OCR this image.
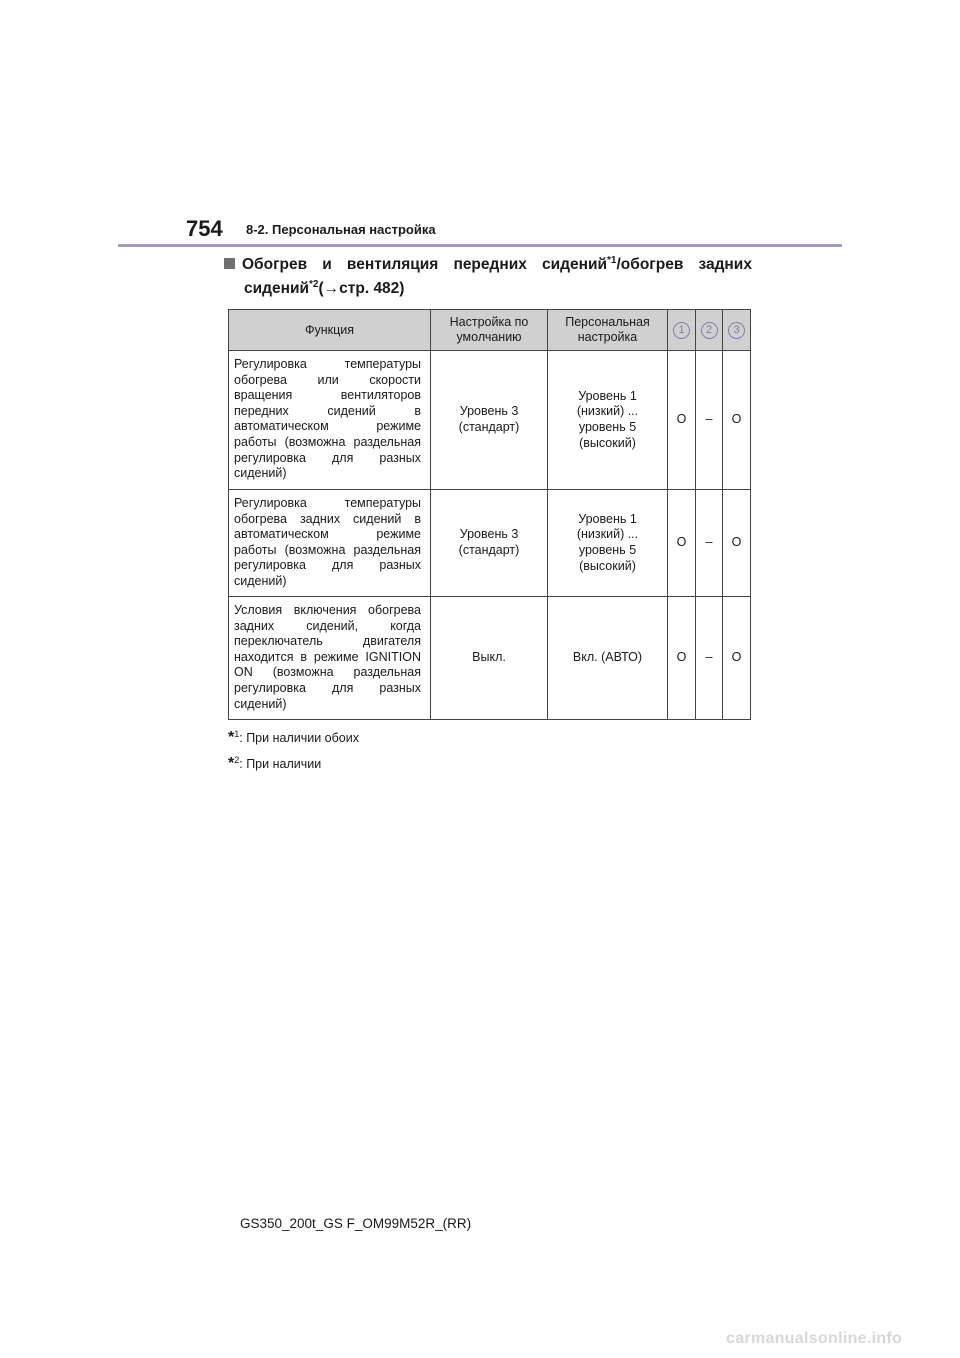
754 8-2. Персональная настройка
Обогрев и вентиляция передних сидений$^{*1}$/обогрев задних
сидений$^{*2}$(→стр. 482)
Функция	Настройка по умолчанию	Персональная настройка	1	2	3
Регулировка температуры обогрева или скорости вращения вентиляторов передних сидений в автоматическом режиме работы (возможна раздельная регулировка для разных сидений)	Уровень 3 (стандарт)	Уровень 1 (низкий) ... уровень 5 (высокий)	O	–	O
Регулировка температуры обогрева задних сидений в автоматическом режиме работы (возможна раздельная регулировка для разных сидений)	Уровень 3 (стандарт)	Уровень 1 (низкий) ... уровень 5 (высокий)	O	–	O
Условия включения обогрева задних сидений, когда переключатель двигателя находится в режиме IGNITION ON (возможна раздельная регулировка для разных сидений)	Выкл.	Вкл. (АВТО)	O	–	O
*$^1$: При наличии обоих
*$^2$: При наличии
GS350_200t_GS F_OM99M52R_(RR)
carmanualsonline.info
